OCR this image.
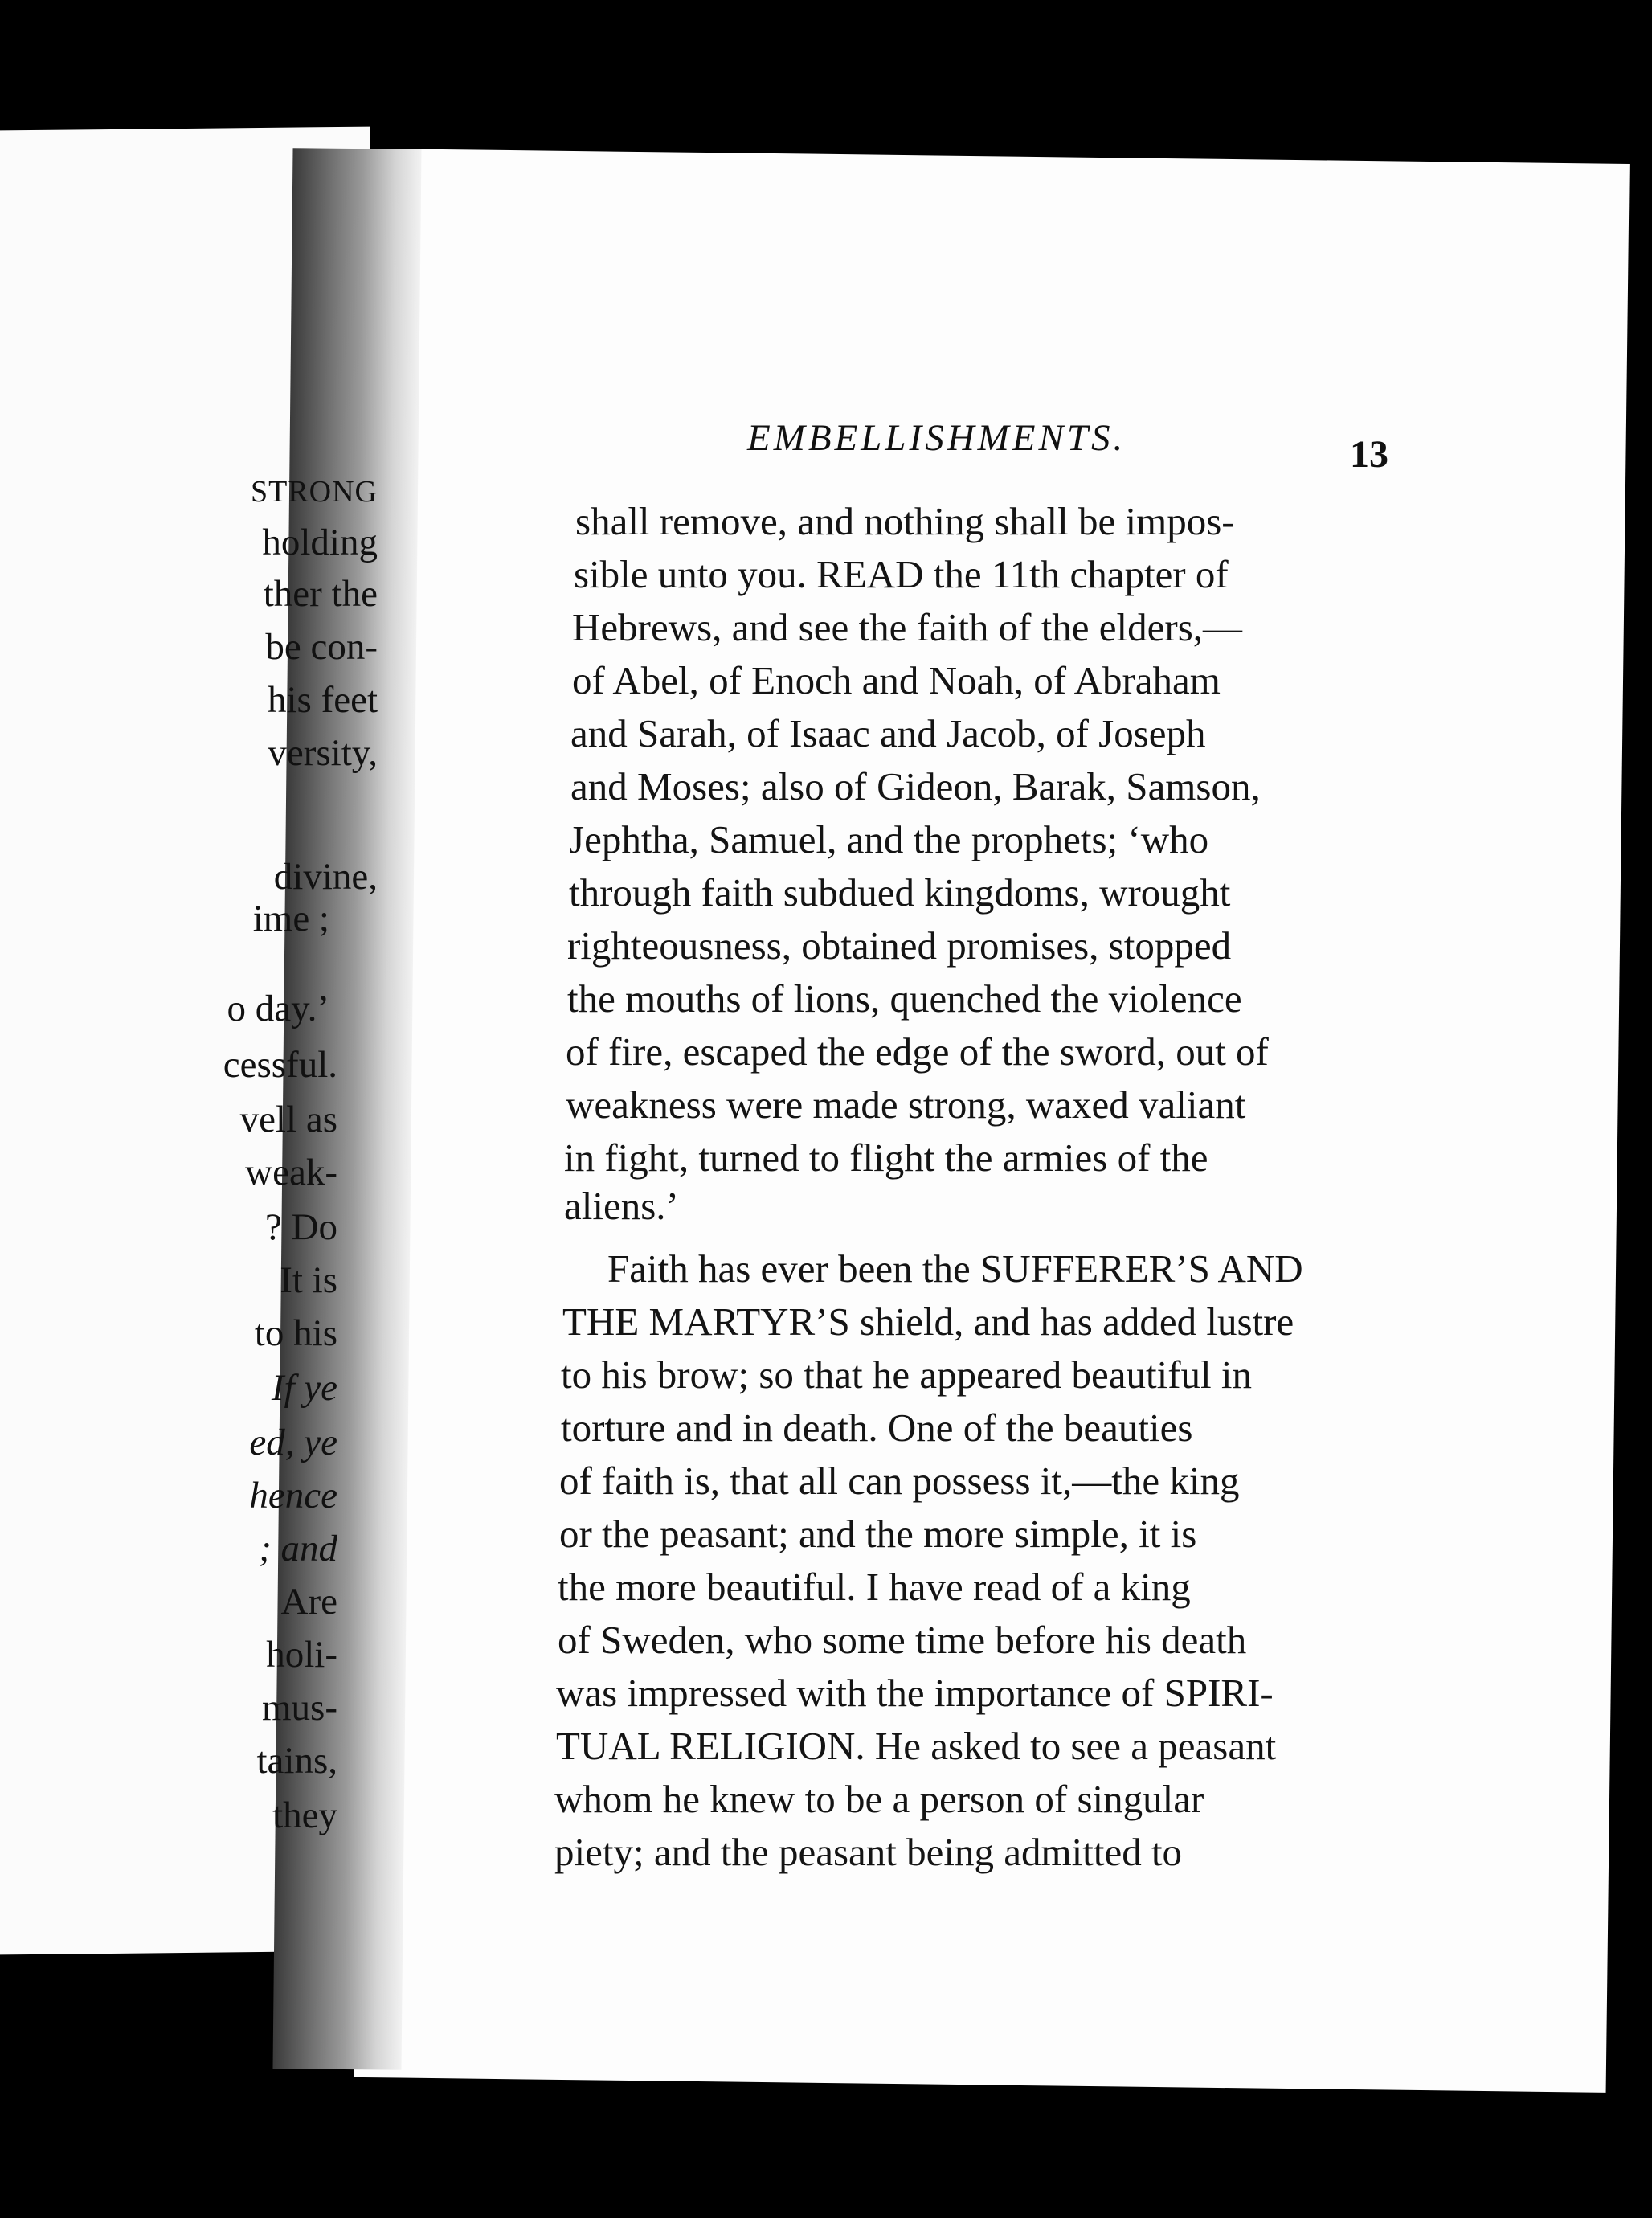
STRONG
holding
ther the
be con-
his feet
versity,
divine,
ime ;
o day.’
cessful.
vell as
weak-
? Do
It is
to his
If ye
ed, ye
hence
; and
Are
holi-
mus-
tains,
they
EMBELLISHMENTS.	13
shall remove, and nothing shall be impos-
sible unto you. READ the 11th chapter of
Hebrews, and see the faith of the elders,—
of Abel, of Enoch and Noah, of Abraham
and Sarah, of Isaac and Jacob, of Joseph
and Moses; also of Gideon, Barak, Samson,
Jephtha, Samuel, and the prophets; ‘who
through faith subdued kingdoms, wrought
righteousness, obtained promises, stopped
the mouths of lions, quenched the violence
of fire, escaped the edge of the sword, out of
weakness were made strong, waxed valiant
in fight, turned to flight the armies of the
aliens.’
Faith has ever been the SUFFERER’S AND
THE MARTYR’S shield, and has added lustre
to his brow; so that he appeared beautiful in
torture and in death. One of the beauties
of faith is, that all can possess it,—the king
or the peasant; and the more simple, it is
the more beautiful. I have read of a king
of Sweden, who some time before his death
was impressed with the importance of SPIRI-
TUAL RELIGION. He asked to see a peasant
whom he knew to be a person of singular
piety; and the peasant being admitted to
